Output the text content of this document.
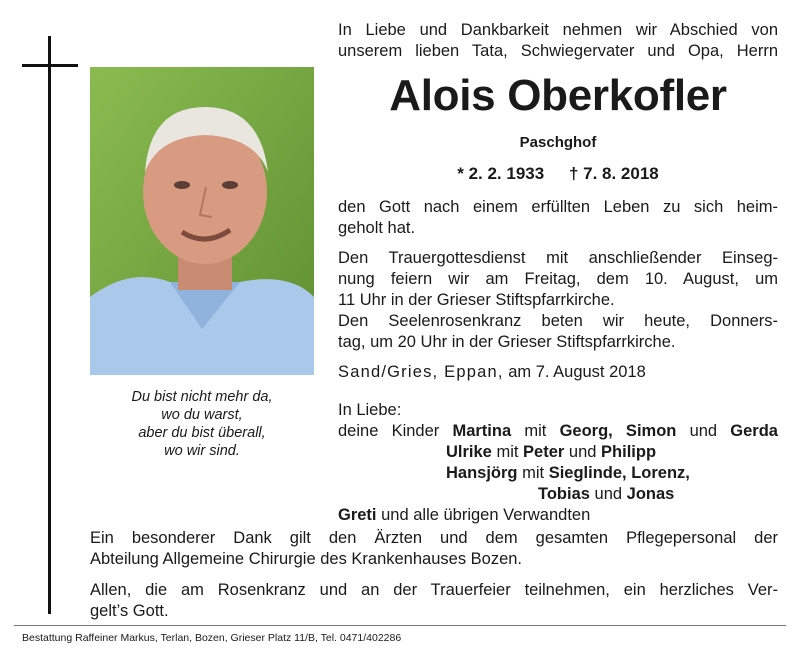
Du bist nicht mehr da,
wo du warst,
aber du bist überall,
wo wir sind.
In Liebe und Dankbarkeit nehmen wir Abschied von
unserem lieben Tata, Schwiegervater und Opa, Herrn
Alois Oberkofler
Paschghof
* 2. 2. 1933 † 7. 8. 2018
den Gott nach einem erfüllten Leben zu sich heim-
geholt hat.
Den Trauergottesdienst mit anschließender Einseg-
nung feiern wir am Freitag, dem 10. August, um
11 Uhr in der Grieser Stiftspfarrkirche.
Den Seelenrosenkranz beten wir heute, Donners-
tag, um 20 Uhr in der Grieser Stiftspfarrkirche.
Sand/Gries, Eppan, am 7. August 2018
In Liebe:
deine Kinder Martina mit Georg, Simon und Gerda
Ulrike mit Peter und Philipp
Hansjörg mit Sieglinde, Lorenz,
Tobias und Jonas
Greti und alle übrigen Verwandten
Ein besonderer Dank gilt den Ärzten und dem gesamten Pflegepersonal der
Abteilung Allgemeine Chirurgie des Krankenhauses Bozen.
Allen, die am Rosenkranz und an der Trauerfeier teilnehmen, ein herzliches Ver-
gelt’s Gott.
Bestattung Raffeiner Markus, Terlan, Bozen, Grieser Platz 11/B, Tel. 0471/402286
